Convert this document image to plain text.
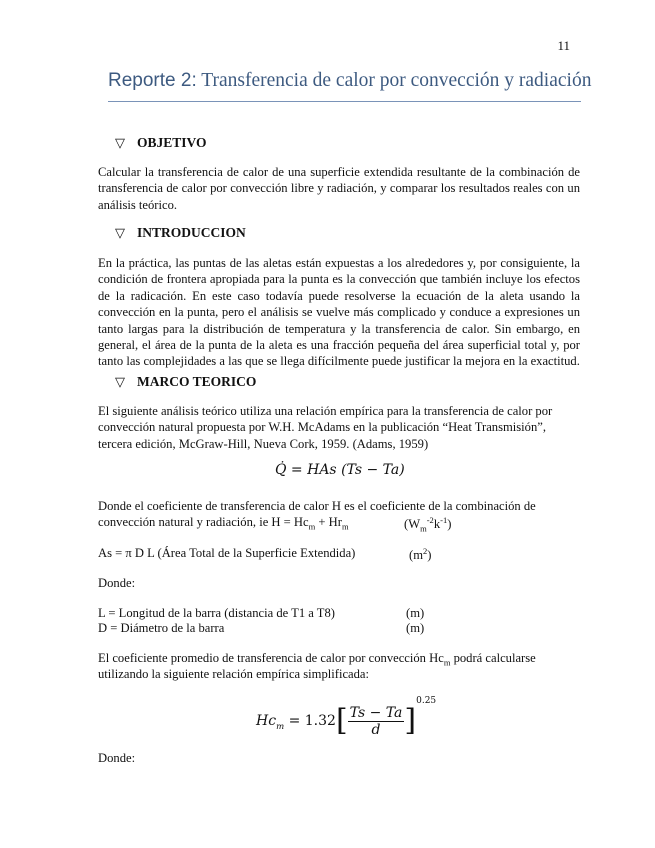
11
Reporte 2: Transferencia de calor por convección y radiación
▽ OBJETIVO
Calcular la transferencia de calor de una superficie extendida resultante de la combinación de transferencia de calor por convección libre y radiación, y comparar los resultados reales con un análisis teórico.
▽ INTRODUCCION
En la práctica, las puntas de las aletas están expuestas a los alrededores y, por consiguiente, la condición de frontera apropiada para la punta es la convección que también incluye los efectos de la radicación. En este caso todavía puede resolverse la ecuación de la aleta usando la convección en la punta, pero el análisis se vuelve más complicado y conduce a expresiones un tanto largas para la distribución de temperatura y la transferencia de calor. Sin embargo, en general, el área de la punta de la aleta es una fracción pequeña del área superficial total y, por tanto las complejidades a las que se llega difícilmente puede justificar la mejora en la exactitud.
▽ MARCO TEORICO
El siguiente análisis teórico utiliza una relación empírica para la transferencia de calor por convección natural propuesta por W.H. McAdams en la publicación “Heat Transmisión”, tercera edición, McGraw-Hill, Nueva Cork, 1959. (Adams, 1959)
Q̇ = HAs (Ts − Ta)
Donde el coeficiente de transferencia de calor H es el coeficiente de la combinación de
convección natural y radiación, ie $H = Hc_m + Hr_m$	$(W_m^{-2}k^{-1})$
As = π D L (Área Total de la Superficie Extendida)	$(m^2)$
Donde:
L = Longitud de la barra (distancia de T1 a T8)	(m)
D = Diámetro de la barra	(m)
El coeficiente promedio de transferencia de calor por convección $Hc_m$ podrá calcularse
utilizando la siguiente relación empírica simplificada:
$Hc_m = 1.32[ \frac{Ts - Ta}{d} ]^{0.25}$
Donde:
